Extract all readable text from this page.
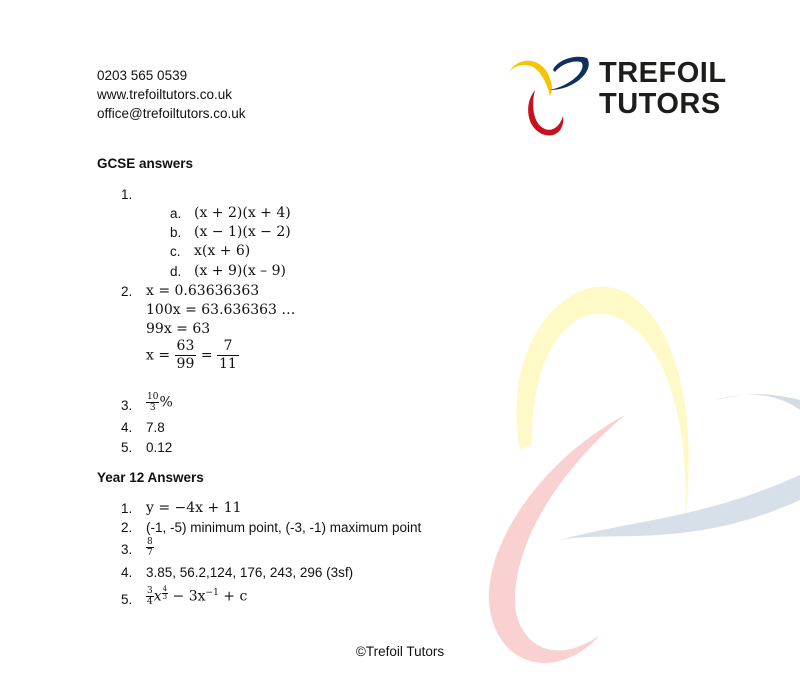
0203 565 0539
www.trefoiltutors.co.uk
office@trefoiltutors.co.uk
TREFOIL
TUTORS
GCSE answers
1.
a. (x + 2)(x + 4)
b. (x − 1)(x − 2)
c. x(x + 6)
d. (x + 9)(x – 9)
2. x = 0.63636363
100x = 63.636363 …
99x = 63
$x = \frac{63}{99} = \frac{7}{11}$
3. $\frac{10}{3}$ %
4. 7.8
5. 0.12
Year 12 Answers
1. y = −4x + 11
2. (-1, -5) minimum point, (-3, -1) maximum point
3. $\frac{8}{7}$
4. 3.85, 56.2,124, 176, 243, 296 (3sf)
5. $\frac{3}{4}$ x $\frac{4}{3} - 3x^{-1} + c$
©Trefoil Tutors
